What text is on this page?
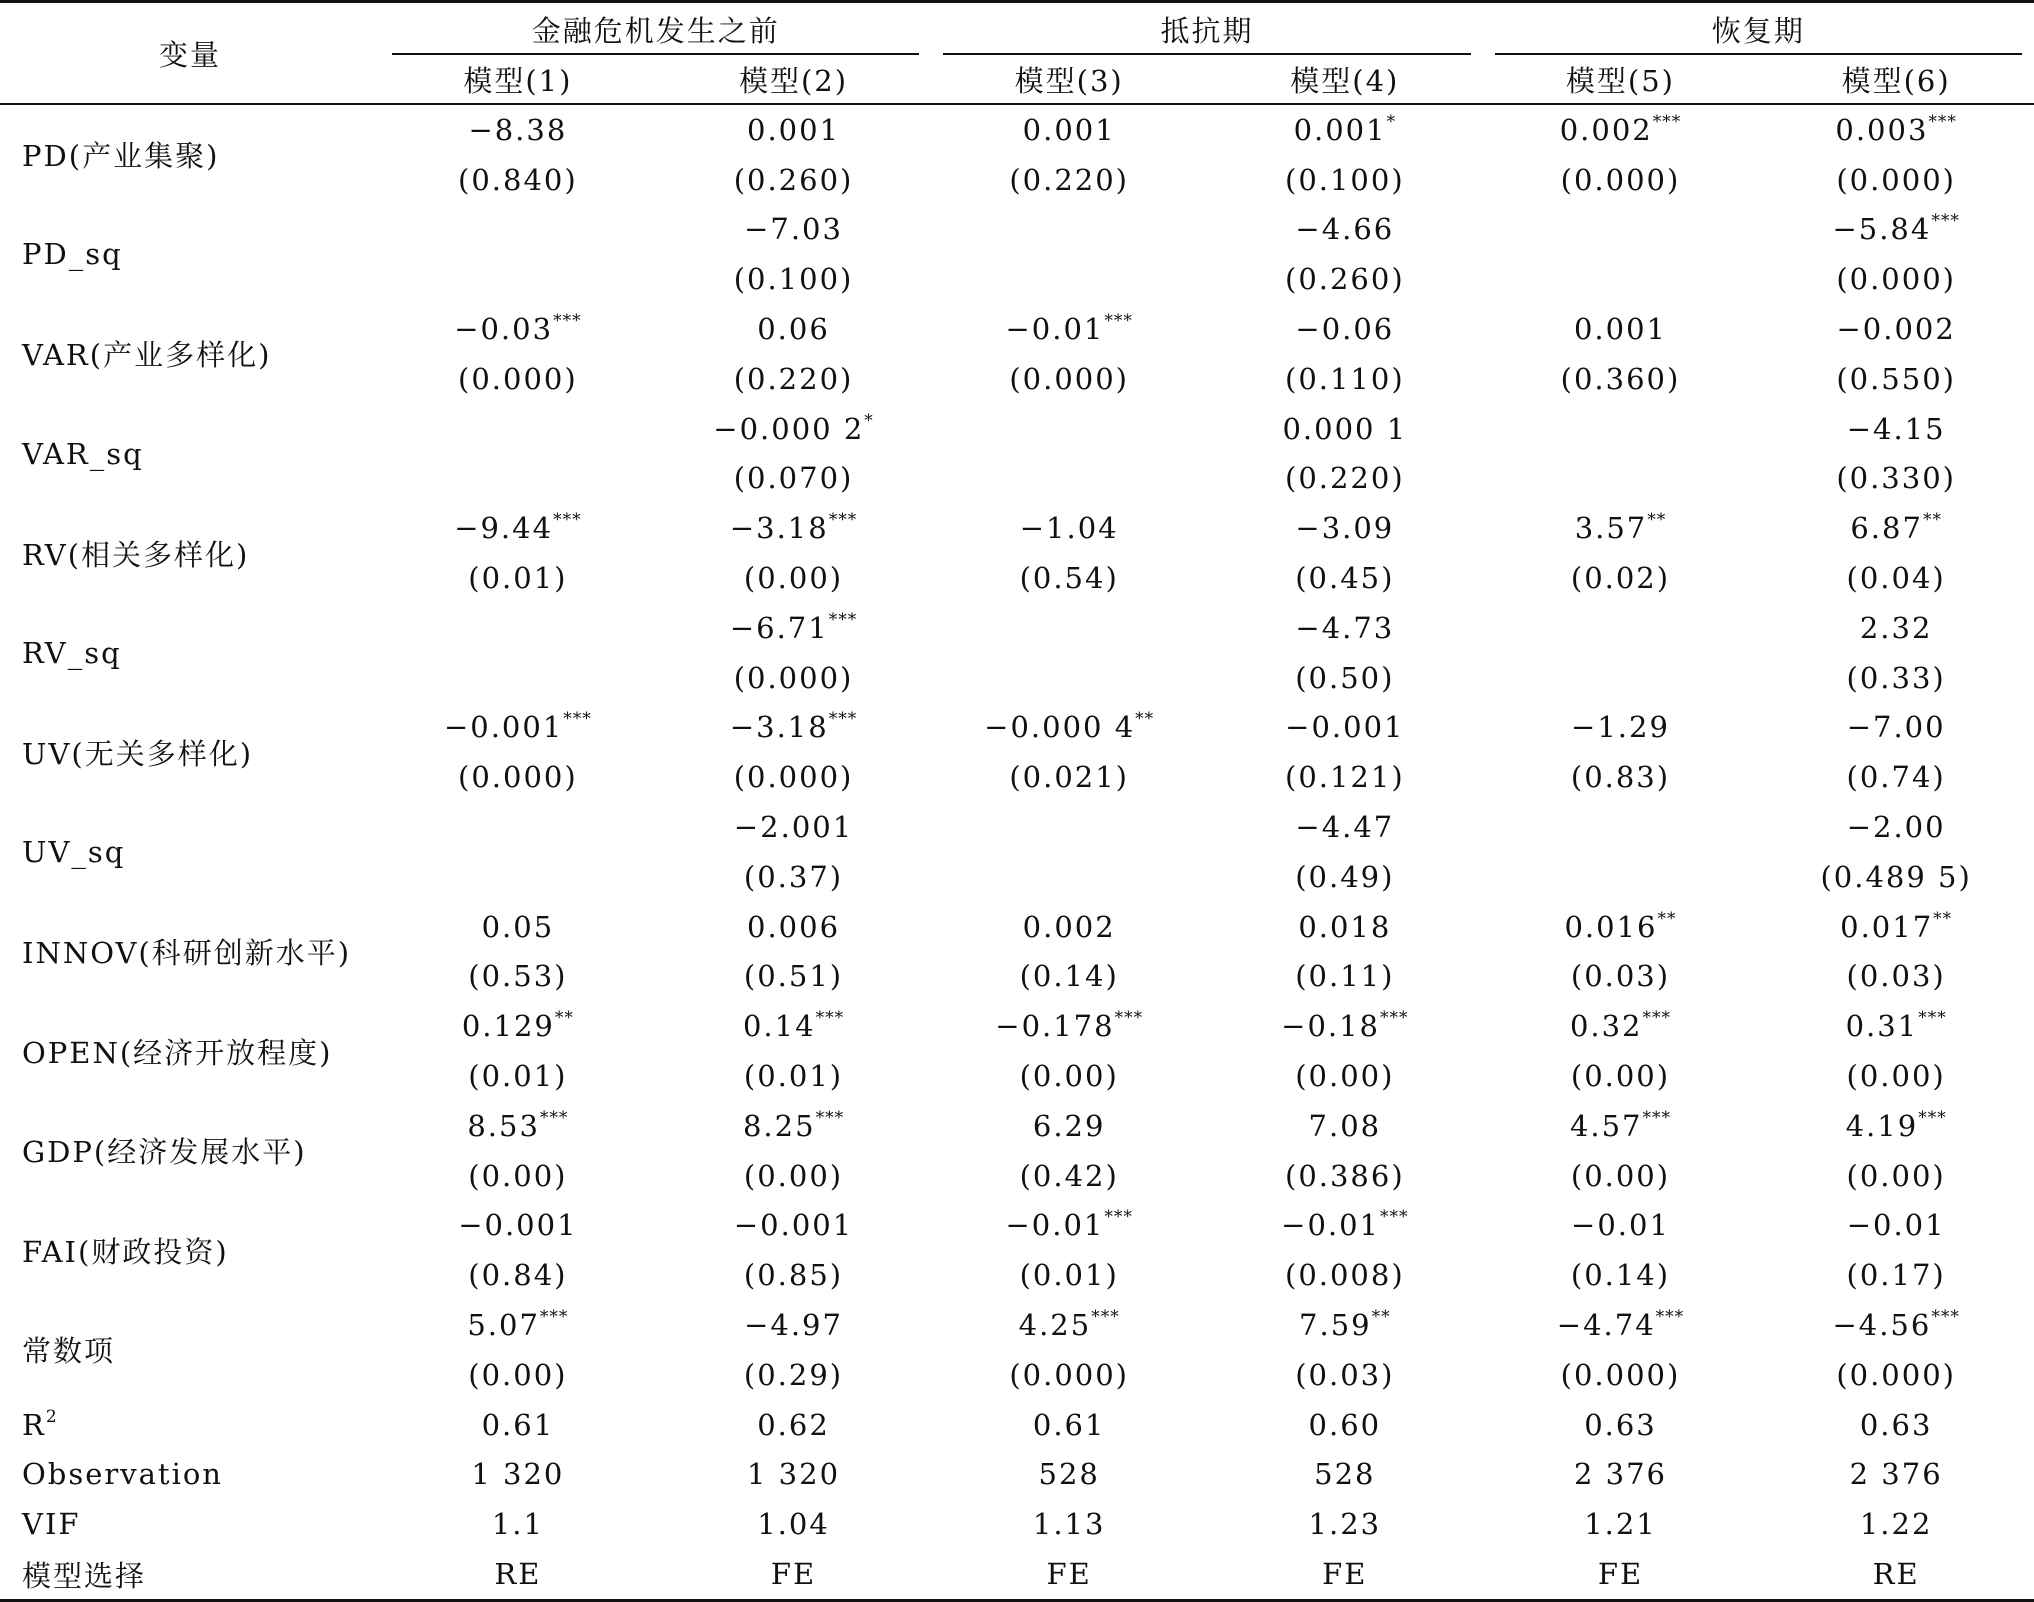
变量	金融危机发生之前		抵抗期		恢复期	

	模型(1)	模型(2)	模型(3)	模型(4)	模型(5)	模型(6)
PD(产业集聚)	−8.38	0.001	0.001	0.001*	0.002***	0.003***
	(0.840)	(0.260)	(0.220)	(0.100)	(0.000)	(0.000)
PD_sq		−7.03		−4.66		−5.84***
		(0.100)		(0.260)		(0.000)
VAR(产业多样化)	−0.03***	0.06	−0.01***	−0.06	0.001	−0.002
	(0.000)	(0.220)	(0.000)	(0.110)	(0.360)	(0.550)
VAR_sq		−0.000 2*		0.000 1		−4.15
		(0.070)		(0.220)		(0.330)
RV(相关多样化)	−9.44***	−3.18***	−1.04	−3.09	3.57**	6.87**
	(0.01)	(0.00)	(0.54)	(0.45)	(0.02)	(0.04)
RV_sq		−6.71***		−4.73		2.32
		(0.000)		(0.50)		(0.33)
UV(无关多样化)	−0.001***	−3.18***	−0.000 4**	−0.001	−1.29	−7.00
	(0.000)	(0.000)	(0.021)	(0.121)	(0.83)	(0.74)
UV_sq		−2.001		−4.47		−2.00
		(0.37)		(0.49)		(0.489 5)
INNOV(科研创新水平)	0.05	0.006	0.002	0.018	0.016**	0.017**
	(0.53)	(0.51)	(0.14)	(0.11)	(0.03)	(0.03)
OPEN(经济开放程度)	0.129**	0.14***	−0.178***	−0.18***	0.32***	0.31***
	(0.01)	(0.01)	(0.00)	(0.00)	(0.00)	(0.00)
GDP(经济发展水平)	8.53***	8.25***	6.29	7.08	4.57***	4.19***
	(0.00)	(0.00)	(0.42)	(0.386)	(0.00)	(0.00)
FAI(财政投资)	−0.001	−0.001	−0.01***	−0.01***	−0.01	−0.01
	(0.84)	(0.85)	(0.01)	(0.008)	(0.14)	(0.17)
常数项	5.07***	−4.97	4.25***	7.59**	−4.74***	−4.56***
	(0.00)	(0.29)	(0.000)	(0.03)	(0.000)	(0.000)
$R^2$	0.61	0.62	0.61	0.60	0.63	0.63
Observation	1 320	1 320	528	528	2 376	2 376
VIF	1.1	1.04	1.13	1.23	1.21	1.22
模型选择	RE	FE	FE	FE	FE	RE
